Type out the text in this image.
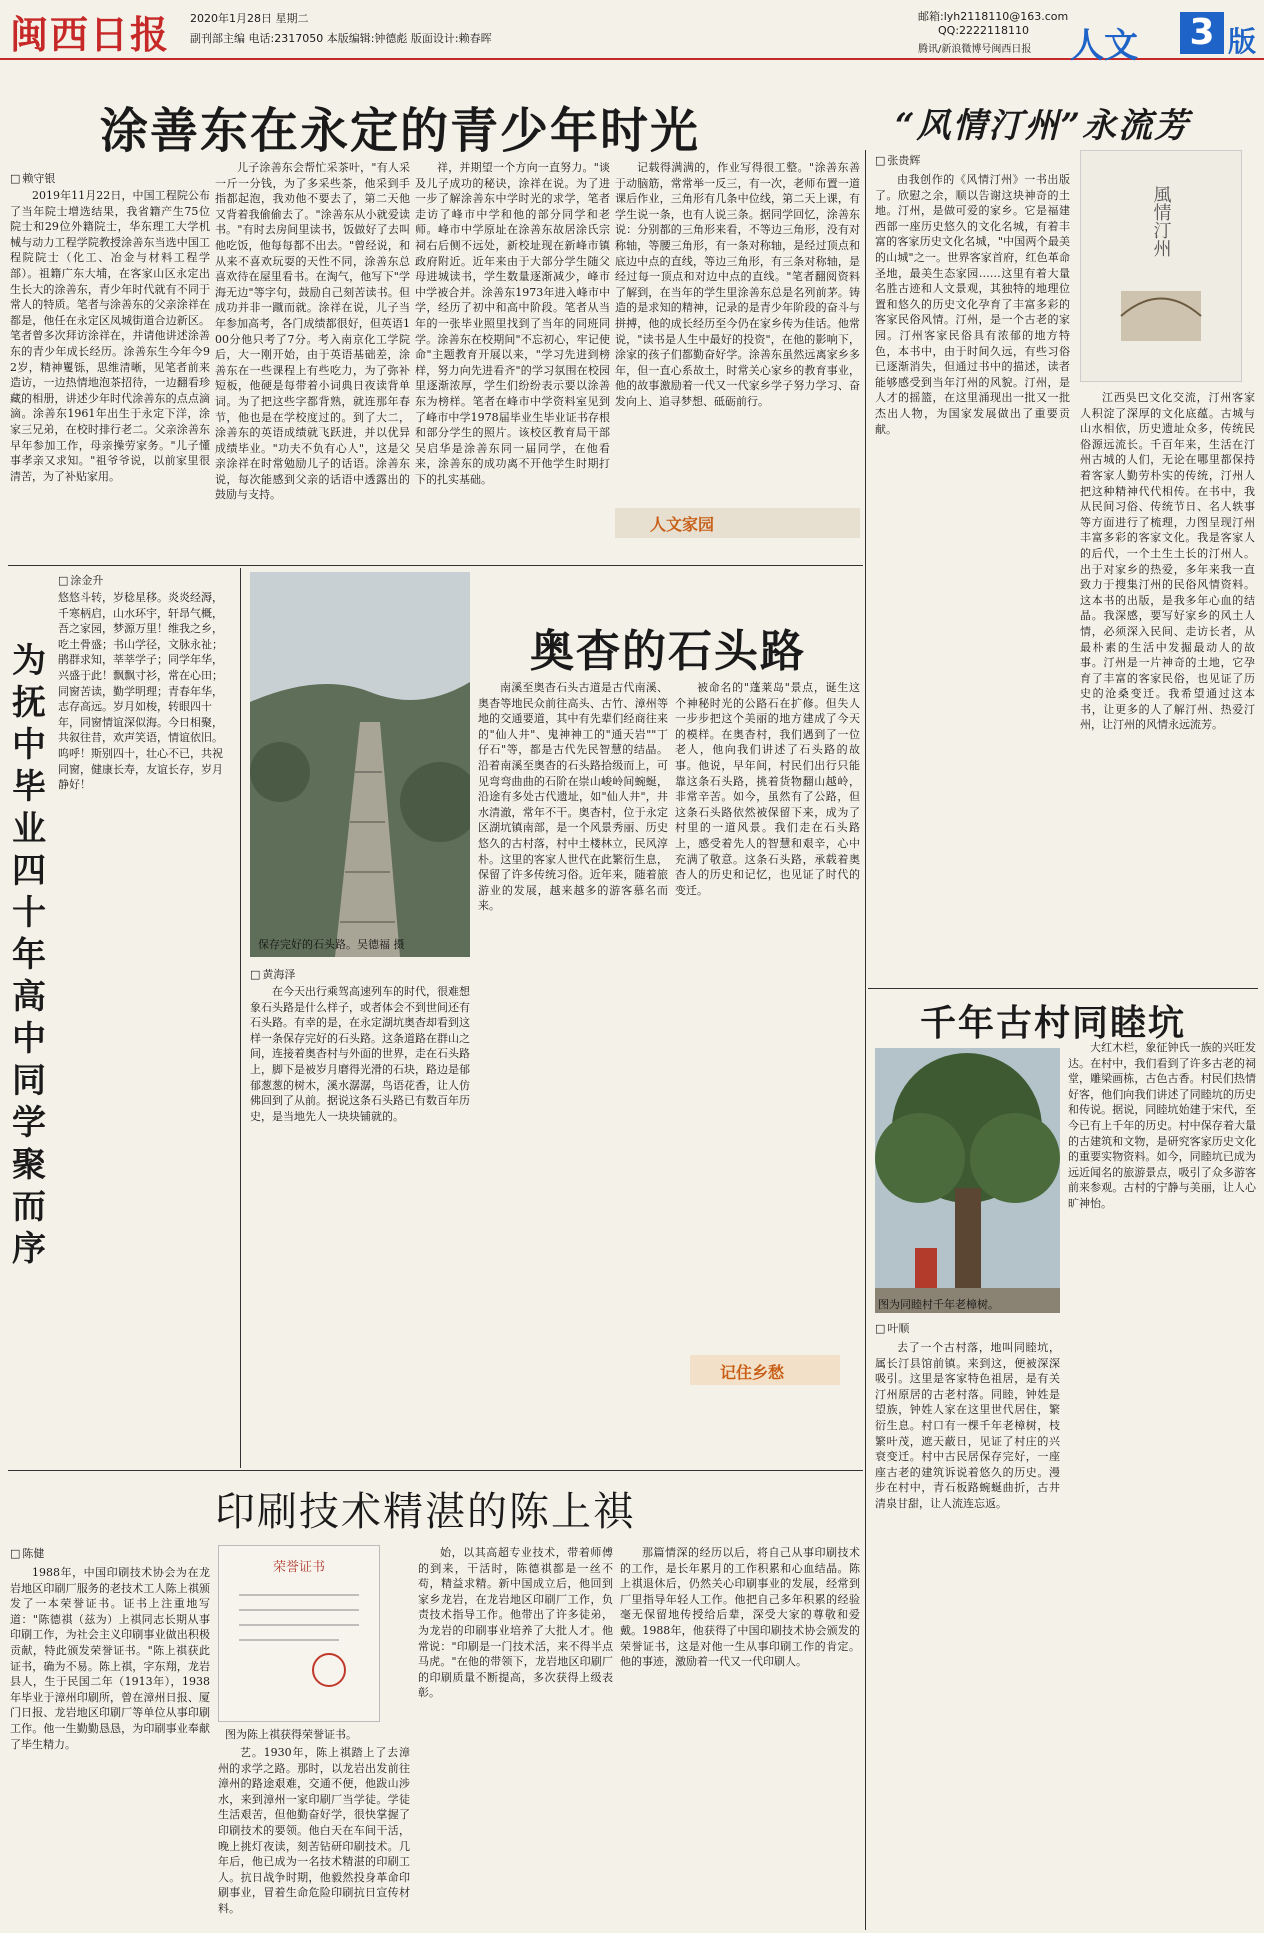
闽西日报 2020年1月28日 星期二
副刊部主编 电话:2317050 本版编辑:钟德彪 版面设计:赖春晖
邮箱:lyh2118110@163.com
QQ:2222118110
腾讯/新浪微博号闽西日报 人文 3 版
涂善东在永定的青少年时光
□ 赖守银
2019年11月22日，中国工程院公布了当年院士增选结果，我省籍产生75位院士和29位外籍院士，华东理工大学机械与动力工程学院教授涂善东当选中国工程院院士（化工、冶金与材料工程学部）。祖籍广东大埔，在客家山区永定出生长大的涂善东，青少年时代就有不同于常人的特质。笔者与涂善东的父亲涂祥在都是，他任在永定区凤城街道合边新区。笔者曾多次拜访涂祥在，并请他讲述涂善东的青少年成长经历。涂善东生今年今92岁，精神矍铄，思维清晰，见笔者前来造访，一边热情地泡茶招待，一边翻看珍藏的相册，讲述少年时代涂善东的点点滴滴。涂善东1961年出生于永定下洋，涂家三兄弟，在校时排行老二。父亲涂善东早年参加工作，母亲操劳家务。"儿子懂事孝亲又求知。"祖爷爷说，以前家里很清苦，为了补贴家用。
儿子涂善东会帮忙采茶叶，"有人采一斤一分钱，为了多采些茶，他采到手指都起泡，我劝他不要去了，第二天他又背着我偷偷去了。"涂善东从小就爱读书。"有时去房间里读书，饭做好了去叫他吃饭，他每每都不出去。"曾经说，和从来不喜欢玩耍的天性不同，涂善东总喜欢待在屋里看书。在淘气，他写下"学海无边"等字句，鼓励自己刻苦读书。但成功并非一蹴而就。涂祥在说，儿子当年参加高考，各门成绩都很好，但英语100分他只考了7分。考入南京化工学院后，大一刚开始，由于英语基础差，涂善东在一些课程上有些吃力，为了弥补短板，他硬是每带着小词典日夜读背单词。为了把这些字都背熟，就连那年春节，他也是在学校度过的。到了大二，涂善东的英语成绩就飞跃进，并以优异成绩毕业。"功夫不负有心人"，这是父亲涂祥在时常勉励儿子的话语。涂善东说，每次能感到父亲的话语中透露出的鼓励与支持。
祥，并期望一个方向一直努力。"谈及儿子成功的秘诀，涂祥在说。为了进一步了解涂善东中学时光的求学，笔者走访了峰市中学和他的部分同学和老师。峰市中学原址在涂善东故居涂氏宗祠右后侧不远处，新校址现在新峰市镇政府附近。近年来由于大部分学生随父母进城读书，学生数量逐渐减少，峰市中学被合并。涂善东1973年进入峰市中学，经历了初中和高中阶段。笔者从当年的一张毕业照里找到了当年的同班同学。涂善东在校期间"不忘初心，牢记使命"主题教育开展以来，"学习先进到榜样，努力向先进看齐"的学习氛围在校园里逐渐浓厚，学生们纷纷表示要以涂善东为榜样。笔者在峰市中学资料室见到了峰市中学1978届毕业生毕业证书存根和部分学生的照片。该校区教育局干部吴启华是涂善东同一届同学，在他看来，涂善东的成功离不开他学生时期打下的扎实基础。
记载得满满的，作业写得很工整。"涂善东善于动脑筋，常常举一反三，有一次，老师布置一道课后作业，三角形有几条中位线，第二天上课，有学生说一条，也有人说三条。据同学回忆，涂善东说：分别都的三角形来看，不等边三角形，没有对称轴，等腰三角形，有一条对称轴，是经过顶点和底边中点的直线，等边三角形，有三条对称轴，是经过每一顶点和对边中点的直线。"笔者翻阅资料了解到，在当年的学生里涂善东总是名列前茅。铸造的是求知的精神，记录的是青少年阶段的奋斗与拼搏，他的成长经历至今仍在家乡传为佳话。他常说，"读书是人生中最好的投资"，在他的影响下，涂家的孩子们都勤奋好学。涂善东虽然远离家乡多年，但一直心系故土，时常关心家乡的教育事业，他的故事激励着一代又一代家乡学子努力学习、奋发向上、追寻梦想、砥砺前行。
人文家园
“风情汀州”永流芳
風情汀州
□ 张贵辉
由我创作的《风情汀州》一书出版了。欣慰之余，顺以告谢这块神奇的土地。汀州，是做可爱的家乡。它是福建西部一座历史悠久的文化名城，有着丰富的客家历史文化名城，"中国两个最美的山城"之一。世界客家首府，红色革命圣地，最美生态家园……这里有着大量名胜古迹和人文景观，其独特的地理位置和悠久的历史文化孕育了丰富多彩的客家民俗风情。汀州，是一个古老的家园。汀州客家民俗具有浓郁的地方特色，本书中，由于时间久远，有些习俗已逐渐消失，但通过书中的描述，读者能够感受到当年汀州的风貌。汀州，是人才的摇篮，在这里涌现出一批又一批杰出人物，为国家发展做出了重要贡献。
江西吳巴文化交流，汀州客家人积淀了深厚的文化底蕴。古城与山水相依，历史遗址众多，传统民俗源远流长。千百年来，生活在汀州古城的人们，无论在哪里都保持着客家人勤劳朴实的传统，汀州人把这种精神代代相传。在书中，我从民间习俗、传统节日、名人轶事等方面进行了梳理，力图呈现汀州丰富多彩的客家文化。我是客家人的后代，一个土生土长的汀州人。出于对家乡的热爱，多年来我一直致力于搜集汀州的民俗风情资料。这本书的出版，是我多年心血的结晶。我深感，要写好家乡的风土人情，必须深入民间、走访长者，从最朴素的生活中发掘最动人的故事。汀州是一片神奇的土地，它孕育了丰富的客家民俗，也见证了历史的沧桑变迁。我希望通过这本书，让更多的人了解汀州、热爱汀州，让汀州的风情永远流芳。
为抚中毕业四十年高中同学聚而序
□ 涂金升
悠悠斗转，岁稔星移。炎炎经溽，千寒柄启，山水环宇，轩昂气概，吾之家园，梦源万里！维我之乡，吃土骨盛；书山学径，文脉永祉；鹃群求知，莘莘学子；同学年华，兴盛于此！飘飘寸衫，常在心田；同窗苦读，勤学明理；青春年华，志存高远。岁月如梭，转眼四十年，同窗情谊深似海。今日相聚，共叙往昔，欢声笑语，情谊依旧。呜呼！斯别四十，壮心不已，共祝同窗，健康长寿，友谊长存，岁月静好！
保存完好的石头路。吴德福 摄
奥杳的石头路
□ 黄海泽
在今天出行乘驾高速列车的时代，很难想象石头路是什么样子，或者体会不到世间还有石头路。有幸的是，在永定湖坑奥杳却看到这样一条保存完好的石头路。这条道路在群山之间，连接着奥杳村与外面的世界，走在石头路上，脚下是被岁月磨得光滑的石块，路边是郁郁葱葱的树木，溪水潺潺，鸟语花香，让人仿佛回到了从前。据说这条石头路已有数百年历史，是当地先人一块块铺就的。
南溪至奥杳石头古道是古代南溪、奥杳等地民众前往高头、古竹、漳州等地的交通要道，其中有先辈们经商往来的"仙人井"、鬼神神工的"通天岩""丁仔石"等，都是古代先民智慧的结晶。沿着南溪至奥杳的石头路拾级而上，可见弯弯曲曲的石阶在崇山峻岭间蜿蜒，沿途有多处古代遗址，如"仙人井"，井水清澈，常年不干。奥杳村，位于永定区湖坑镇南部，是一个风景秀丽、历史悠久的古村落，村中土楼林立，民风淳朴。这里的客家人世代在此繁衍生息，保留了许多传统习俗。近年来，随着旅游业的发展，越来越多的游客慕名而来。
被命名的"蓬莱岛"景点，诞生这个神秘时光的公路石在扩修。但失人一步步把这个美丽的地方建成了今天的模样。在奥杳村，我们遇到了一位老人，他向我们讲述了石头路的故事。他说，早年间，村民们出行只能靠这条石头路，挑着货物翻山越岭，非常辛苦。如今，虽然有了公路，但这条石头路依然被保留下来，成为了村里的一道风景。我们走在石头路上，感受着先人的智慧和艰辛，心中充满了敬意。这条石头路，承载着奥杳人的历史和记忆，也见证了时代的变迁。
记住乡愁
千年古村同睦坑
图为同睦村千年老樟树。
□ 叶顺
去了一个古村落，地叫同睦坑，属长汀县馆前镇。来到这，便被深深吸引。这里是客家特色祖居，是有关汀州原居的古老村落。同睦，钟姓是望族，钟姓人家在这里世代居住，繁衍生息。村口有一棵千年老樟树，枝繁叶茂，遮天蔽日，见证了村庄的兴衰变迁。村中古民居保存完好，一座座古老的建筑诉说着悠久的历史。漫步在村中，青石板路蜿蜒曲折，古井清泉甘甜，让人流连忘返。
大红木栏，象征钟氏一族的兴旺发达。在村中，我们看到了许多古老的祠堂，雕梁画栋，古色古香。村民们热情好客，他们向我们讲述了同睦坑的历史和传说。据说，同睦坑始建于宋代，至今已有上千年的历史。村中保存着大量的古建筑和文物，是研究客家历史文化的重要实物资料。如今，同睦坑已成为远近闻名的旅游景点，吸引了众多游客前来参观。古村的宁静与美丽，让人心旷神怡。
印刷技术精湛的陈上祺
□ 陈健
1988年，中国印刷技术协会为在龙岩地区印刷厂服务的老技术工人陈上祺颁发了一本荣誉证书。证书上注重地写道："陈德祺（兹为）上祺同志长期从事印刷工作，为社会主义印刷事业做出积极贡献，特此颁发荣誉证书。"陈上祺获此证书，确为不易。陈上祺，字东翔，龙岩县人，生于民国二年（1913年），1938年毕业于漳州印刷所，曾在漳州日报、厦门日报、龙岩地区印刷厂等单位从事印刷工作。他一生勤勤恳恳，为印刷事业奉献了毕生精力。
荣誉证书
图为陈上祺获得荣誉证书。
艺。1930年，陈上祺踏上了去漳州的求学之路。那时，以龙岩出发前往漳州的路途艰难，交通不便，他跋山涉水，来到漳州一家印刷厂当学徒。学徒生活艰苦，但他勤奋好学，很快掌握了印刷技术的要领。他白天在车间干活，晚上挑灯夜读，刻苦钻研印刷技术。几年后，他已成为一名技术精湛的印刷工人。抗日战争时期，他毅然投身革命印刷事业，冒着生命危险印刷抗日宣传材料。
始，以其高超专业技术，带着师傅的到来，干活时，陈德祺都是一丝不苟，精益求精。新中国成立后，他回到家乡龙岩，在龙岩地区印刷厂工作，负责技术指导工作。他带出了许多徒弟，为龙岩的印刷事业培养了大批人才。他常说："印刷是一门技术活，来不得半点马虎。"在他的带领下，龙岩地区印刷厂的印刷质量不断提高，多次获得上级表彰。
那篇情深的经历以后，将自己从事印刷技术的工作，是长年累月的工作积累和心血结晶。陈上祺退休后，仍然关心印刷事业的发展，经常到厂里指导年轻人工作。他把自己多年积累的经验毫无保留地传授给后辈，深受大家的尊敬和爱戴。1988年，他获得了中国印刷技术协会颁发的荣誉证书，这是对他一生从事印刷工作的肯定。他的事迹，激励着一代又一代印刷人。
